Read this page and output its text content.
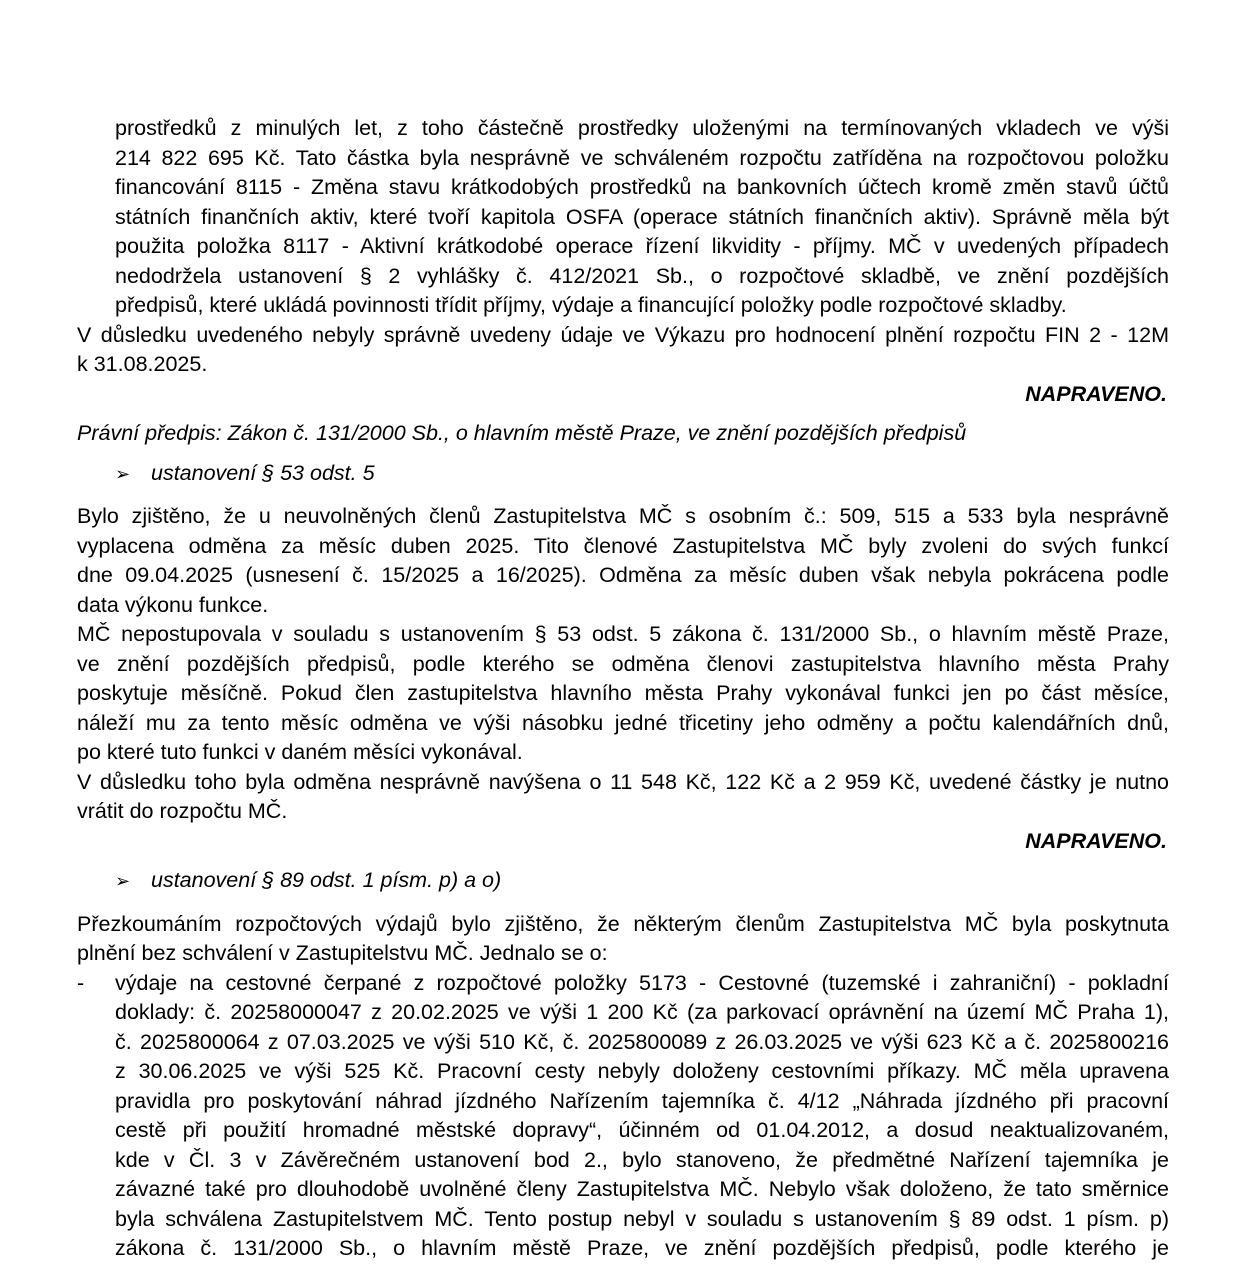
prostředků z minulých let, z toho částečně prostředky uloženými na termínovaných vkladech ve výši
214 822 695 Kč. Tato částka byla nesprávně ve schváleném rozpočtu zatříděna na rozpočtovou položku
financování 8115 - Změna stavu krátkodobých prostředků na bankovních účtech kromě změn stavů účtů
státních finančních aktiv, které tvoří kapitola OSFA (operace státních finančních aktiv). Správně měla být
použita položka 8117 - Aktivní krátkodobé operace řízení likvidity - příjmy. MČ v uvedených případech
nedodržela ustanovení § 2 vyhlášky č. 412/2021 Sb., o rozpočtové skladbě, ve znění pozdějších
předpisů, které ukládá povinnosti třídit příjmy, výdaje a financující položky podle rozpočtové skladby.
V důsledku uvedeného nebyly správně uvedeny údaje ve Výkazu pro hodnocení plnění rozpočtu FIN 2 - 12M
k 31.08.2025.
NAPRAVENO.
Právní předpis: Zákon č. 131/2000 Sb., o hlavním městě Praze, ve znění pozdějších předpisů
➢ ustanovení § 53 odst. 5
Bylo zjištěno, že u neuvolněných členů Zastupitelstva MČ s osobním č.: 509, 515 a 533 byla nesprávně
vyplacena odměna za měsíc duben 2025. Tito členové Zastupitelstva MČ byly zvoleni do svých funkcí
dne 09.04.2025 (usnesení č. 15/2025 a 16/2025). Odměna za měsíc duben však nebyla pokrácena podle
data výkonu funkce.
MČ nepostupovala v souladu s ustanovením § 53 odst. 5 zákona č. 131/2000 Sb., o hlavním městě Praze,
ve znění pozdějších předpisů, podle kterého se odměna členovi zastupitelstva hlavního města Prahy
poskytuje měsíčně. Pokud člen zastupitelstva hlavního města Prahy vykonával funkci jen po část měsíce,
náleží mu za tento měsíc odměna ve výši násobku jedné třicetiny jeho odměny a počtu kalendářních dnů,
po které tuto funkci v daném měsíci vykonával.
V důsledku toho byla odměna nesprávně navýšena o 11 548 Kč, 122 Kč a 2 959 Kč, uvedené částky je nutno
vrátit do rozpočtu MČ.
NAPRAVENO.
➢ ustanovení § 89 odst. 1 písm. p) a o)
Přezkoumáním rozpočtových výdajů bylo zjištěno, že některým členům Zastupitelstva MČ byla poskytnuta
plnění bez schválení v Zastupitelstvu MČ. Jednalo se o:
- výdaje na cestovné čerpané z rozpočtové položky 5173 - Cestovné (tuzemské i zahraniční) - pokladní
doklady: č. 20258000047 z 20.02.2025 ve výši 1 200 Kč (za parkovací oprávnění na území MČ Praha 1),
č. 2025800064 z 07.03.2025 ve výši 510 Kč, č. 2025800089 z 26.03.2025 ve výši 623 Kč a č. 2025800216
z 30.06.2025 ve výši 525 Kč. Pracovní cesty nebyly doloženy cestovními příkazy. MČ měla upravena
pravidla pro poskytování náhrad jízdného Nařízením tajemníka č. 4/12 „Náhrada jízdného při pracovní
cestě při použití hromadné městské dopravy“, účinném od 01.04.2012, a dosud neaktualizovaném,
kde v Čl. 3 v Závěrečném ustanovení bod 2., bylo stanoveno, že předmětné Nařízení tajemníka je
závazné také pro dlouhodobě uvolněné členy Zastupitelstva MČ. Nebylo však doloženo, že tato směrnice
byla schválena Zastupitelstvem MČ. Tento postup nebyl v souladu s ustanovením § 89 odst. 1 písm. p)
zákona č. 131/2000 Sb., o hlavním městě Praze, ve znění pozdějších předpisů, podle kterého je
